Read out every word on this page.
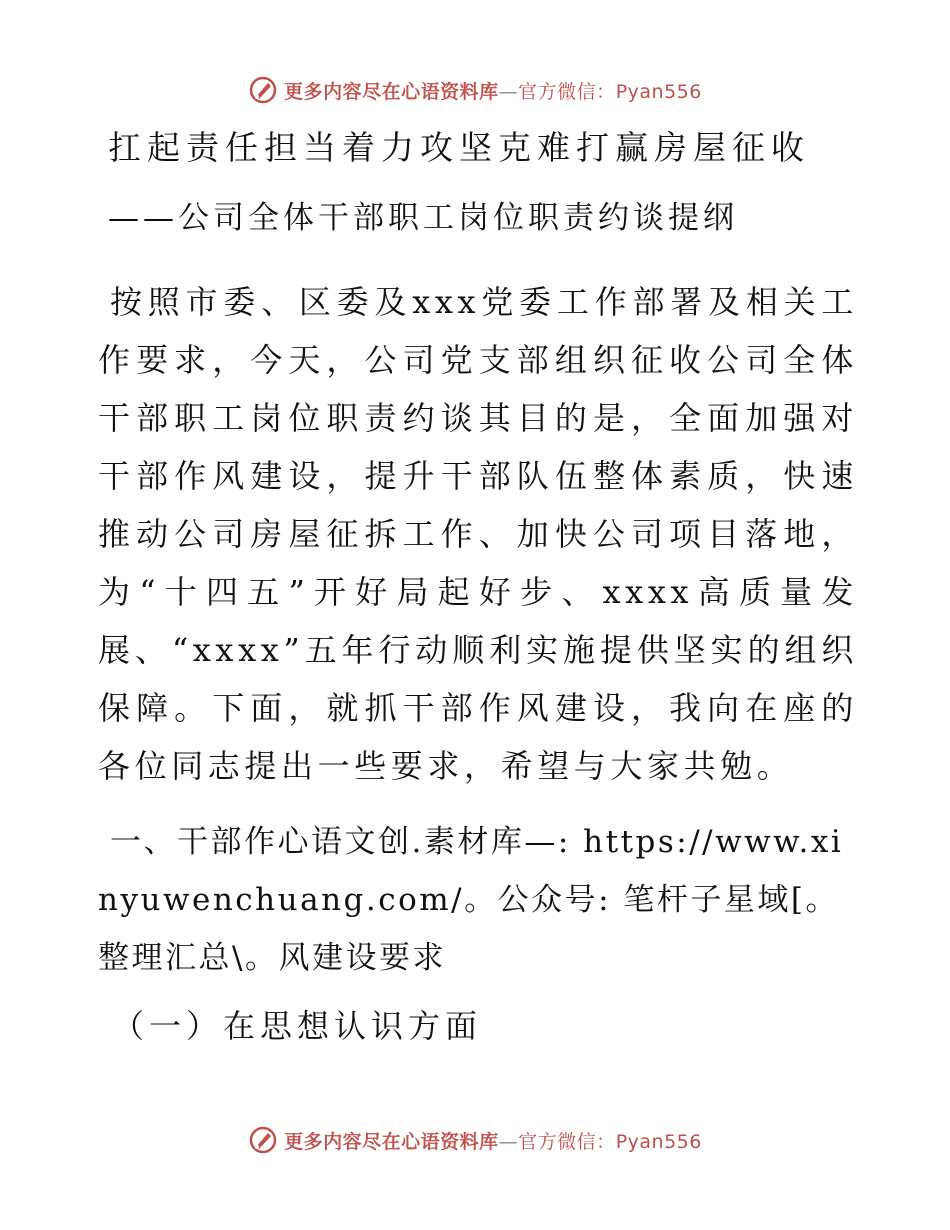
更多内容尽在心语资料库—官方微信：Pyan556
扛起责任担当着力攻坚克难打赢房屋征收
——公司全体干部职工岗位职责约谈提纲
按照市委、区委及xxx党委工作部署及相关工作要求，今天，公司党支部组织征收公司全体干部职工岗位职责约谈其目的是，全面加强对干部作风建设，提升干部队伍整体素质，快速推动公司房屋征拆工作、加快公司项目落地，为“十四五”开好局起好步、xxxx高质量发展、“xxxx”五年行动顺利实施提供坚实的组织保障。下面，就抓干部作风建设，我向在座的各位同志提出一些要求，希望与大家共勉。
一、干部作心语文创.素材库—: https://www.xinyuwenchuang.com/。公众号: 笔杆子星域[。整理汇总\。风建设要求
（一）在思想认识方面
更多内容尽在心语资料库—官方微信：Pyan556
